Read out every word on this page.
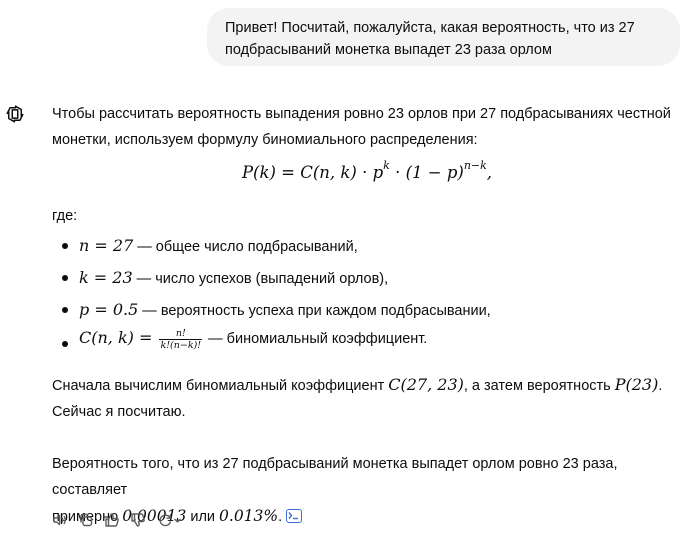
Привет! Посчитай, пожалуйста, какая вероятность, что из 27 подбрасываний монетка выпадет 23 раза орлом

Чтобы рассчитать вероятность выпадения ровно 23 орлов при 27 подбрасываниях честной монетки, используем формулу биномиального распределения:

P(k) = C(n, $k) \cdot p^k \cdot (1 - p)^{n-k}$,

где:

n = 27 — общее число подбрасываний,
k = 23 — число успехов (выпадений орлов),
p = 0.5 — вероятность успеха при каждом подбрасывании,
C(n, $k) = \frac{n!}{k!(n-k)!}$ — биномиальный коэффициент.

Сначала вычислим биномиальный коэффициент C(27, 23), а затем вероятность P(23).
Сейчас я посчитаю.

Вероятность того, что из 27 подбрасываний монетка выпадет орлом ровно 23 раза, составляет
примерно 0.00013 или 0.013%.
